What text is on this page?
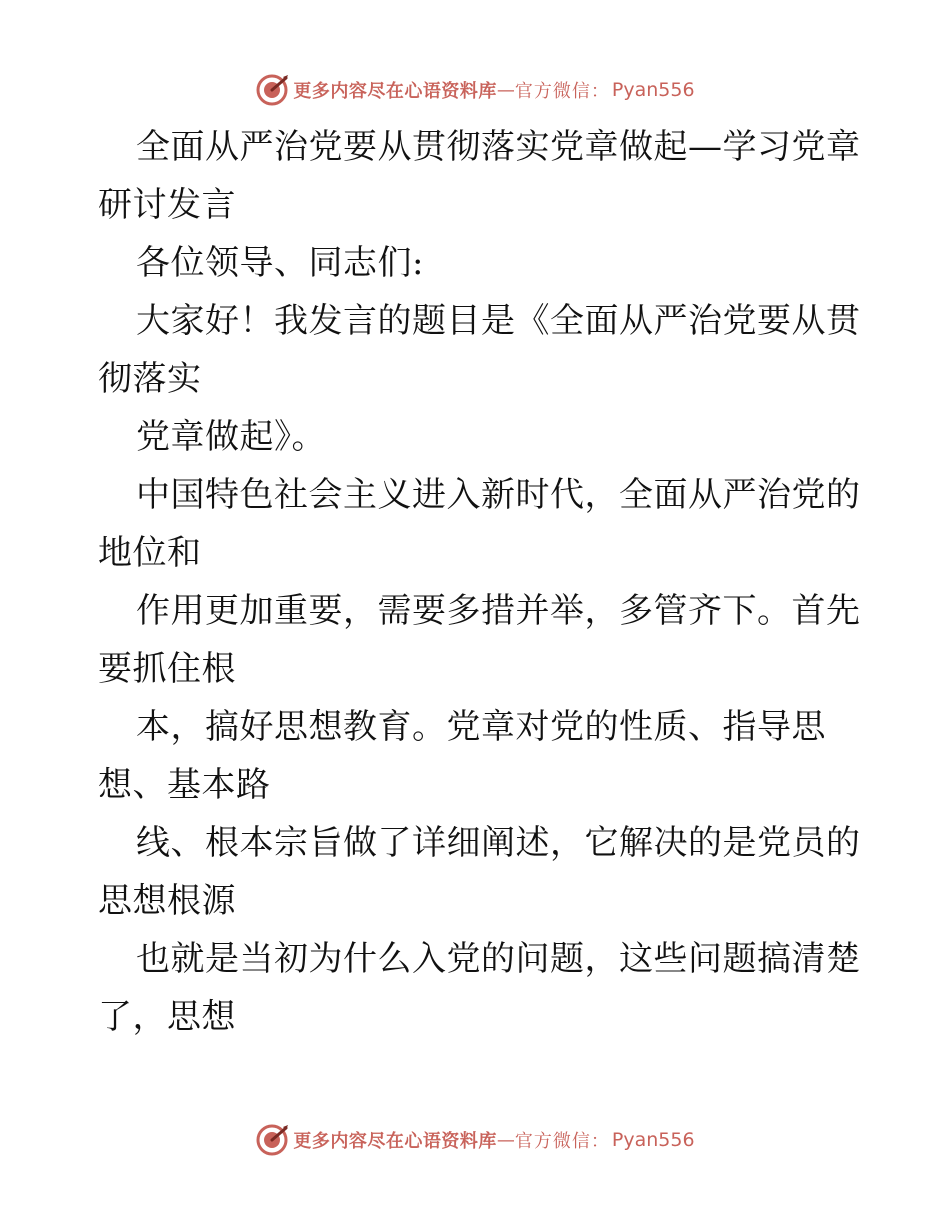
更多内容尽在心语资料库 — 官方微信： Pyan556
全面从严治党要从贯彻落实党章做起—学习党章
研讨发言
各位领导、同志们:
大家好！我发言的题目是《全面从严治党要从贯
彻落实
党章做起》。
中国特色社会主义进入新时代，全面从严治党的
地位和
作用更加重要，需要多措并举，多管齐下。首先
要抓住根
本，搞好思想教育。党章对党的性质、指导思
想、基本路
线、根本宗旨做了详细阐述，它解决的是党员的
思想根源
也就是当初为什么入党的问题，这些问题搞清楚
了，思想
更多内容尽在心语资料库 — 官方微信： Pyan556
